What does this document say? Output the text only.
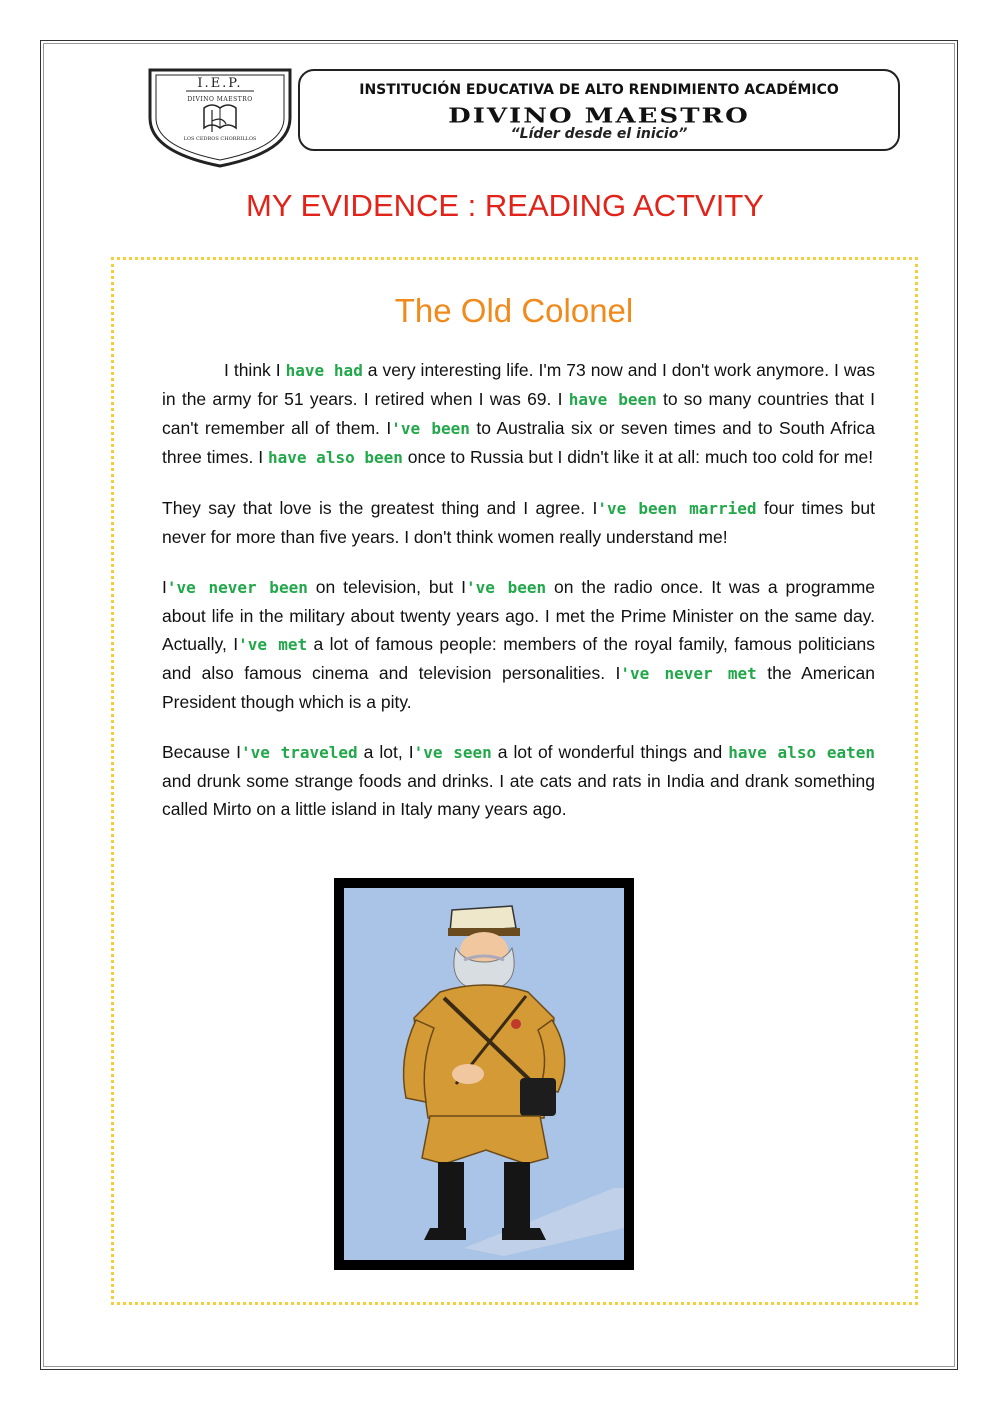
I.E.P.
DIVINO MAESTRO
LOS CEDROS CHORRILLOS
INSTITUCIÓN EDUCATIVA DE ALTO RENDIMIENTO ACADÉMICO
DIVINO MAESTRO
“Líder desde el inicio”
MY EVIDENCE : READING ACTVITY
The Old Colonel

I think I have had a very interesting life. I'm 73 now and I don't work anymore. I was in the army for 51 years. I retired when I was 69. I have been to so many countries that I can't remember all of them. I've been to Australia six or seven times and to South Africa three times. I have also been once to Russia but I didn't like it at all: much too cold for me!

They say that love is the greatest thing and I agree. I've been married four times but never for more than five years. I don't think women really understand me!

I've never been on television, but I've been on the radio once. It was a programme about life in the military about twenty years ago. I met the Prime Minister on the same day. Actually, I've met a lot of famous people: members of the royal family, famous politicians and also famous cinema and television personalities. I've never met the American President though which is a pity.

Because I've traveled a lot, I've seen a lot of wonderful things and have also eaten and drunk some strange foods and drinks. I ate cats and rats in India and drank something called Mirto on a little island in Italy many years ago.
